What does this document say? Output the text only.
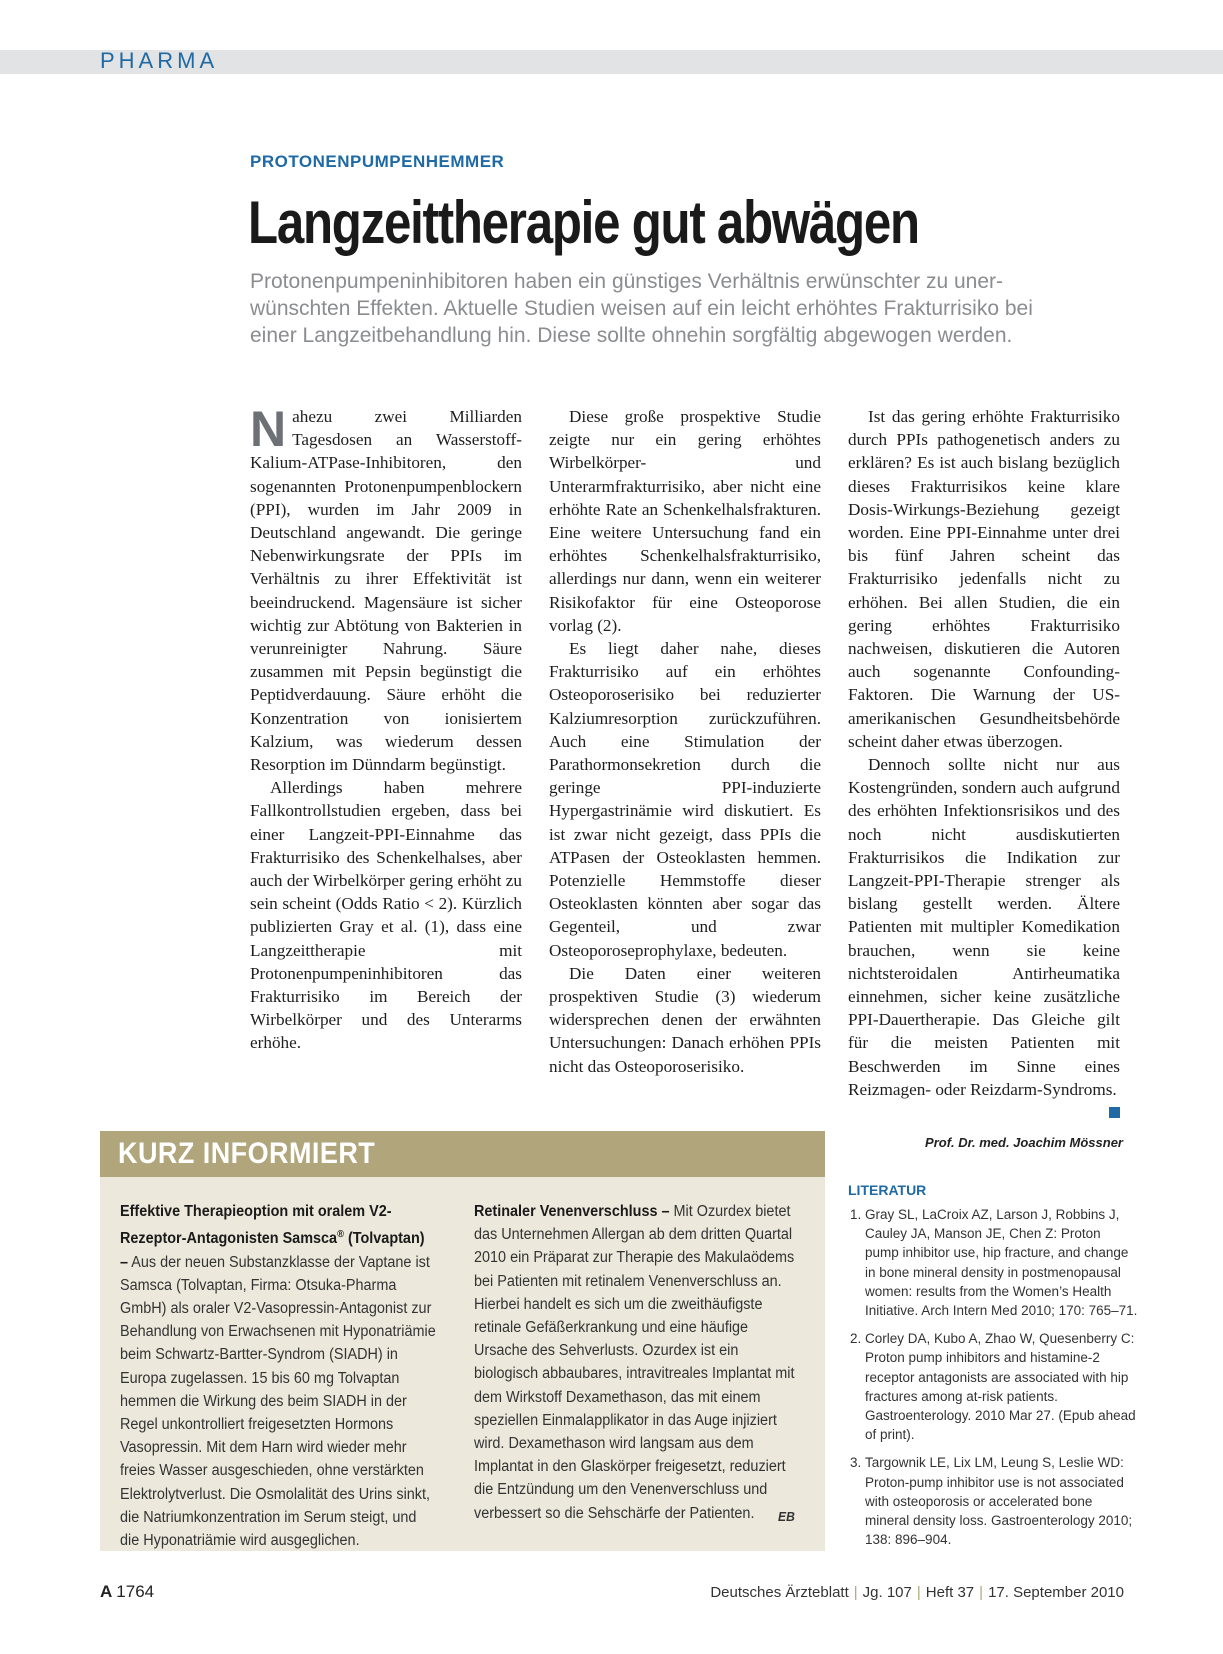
PHARMA
PROTONENPUMPENHEMMER
Langzeittherapie gut abwägen
Protonenpumpeninhibitoren haben ein günstiges Verhältnis erwünschter zu uner-
wünschten Effekten. Aktuelle Studien weisen auf ein leicht erhöhtes Frakturrisiko bei
einer Langzeitbehandlung hin. Diese sollte ohnehin sorgfältig abgewogen werden.

Nahezu zwei Milliarden Tagesdosen an Wasserstoff-Kalium-ATPase-Inhibitoren, den sogenannten Protonenpumpenblockern (PPI), wurden im Jahr 2009 in Deutschland angewandt. Die geringe Nebenwirkungsrate der PPIs im Verhältnis zu ihrer Effektivität ist beeindruckend. Magensäure ist sicher wichtig zur Abtötung von Bakterien in verunreinigter Nahrung. Säure zusammen mit Pepsin begünstigt die Peptidverdauung. Säure erhöht die Konzentration von ionisiertem Kalzium, was wiederum dessen Resorption im Dünndarm begünstigt.

Allerdings haben mehrere Fallkontrollstudien ergeben, dass bei einer Langzeit-PPI-Einnahme das Frakturrisiko des Schenkelhalses, aber auch der Wirbelkörper gering erhöht zu sein scheint (Odds Ratio < 2). Kürzlich publizierten Gray et al. (1), dass eine Langzeittherapie mit Protonenpumpeninhibitoren das Frakturrisiko im Bereich der Wirbelkörper und des Unterarms erhöhe.

Diese große prospektive Studie zeigte nur ein gering erhöhtes Wirbelkörper- und Unterarmfrakturrisiko, aber nicht eine erhöhte Rate an Schenkelhalsfrakturen. Eine weitere Untersuchung fand ein erhöhtes Schenkelhalsfrakturrisiko, allerdings nur dann, wenn ein weiterer Risikofaktor für eine Osteoporose vorlag (2).

Es liegt daher nahe, dieses Frakturrisiko auf ein erhöhtes Osteoporoserisiko bei reduzierter Kalziumresorption zurückzuführen. Auch eine Stimulation der Parathormonsekretion durch die geringe PPI-induzierte Hypergastrinämie wird diskutiert. Es ist zwar nicht gezeigt, dass PPIs die ATPasen der Osteoklasten hemmen. Potenzielle Hemmstoffe dieser Osteoklasten könnten aber sogar das Gegenteil, und zwar Osteoporoseprophylaxe, bedeuten.

Die Daten einer weiteren prospektiven Studie (3) wiederum widersprechen denen der erwähnten Untersuchungen: Danach erhöhen PPIs nicht das Osteoporoserisiko.

Ist das gering erhöhte Frakturrisiko durch PPIs pathogenetisch anders zu erklären? Es ist auch bislang bezüglich dieses Frakturrisikos keine klare Dosis-Wirkungs-Beziehung gezeigt worden. Eine PPI-Einnahme unter drei bis fünf Jahren scheint das Frakturrisiko jedenfalls nicht zu erhöhen. Bei allen Studien, die ein gering erhöhtes Frakturrisiko nachweisen, diskutieren die Autoren auch sogenannte Confounding-Faktoren. Die Warnung der US-amerikanischen Gesundheitsbehörde scheint daher etwas überzogen.

Dennoch sollte nicht nur aus Kostengründen, sondern auch aufgrund des erhöhten Infektionsrisikos und des noch nicht ausdiskutierten Frakturrisikos die Indikation zur Langzeit-PPI-Therapie strenger als bislang gestellt werden. Ältere Patienten mit multipler Komedikation brauchen, wenn sie keine nichtsteroidalen Antirheumatika einnehmen, sicher keine zusätzliche PPI-Dauertherapie. Das Gleiche gilt für die meisten Patienten mit Beschwerden im Sinne eines Reizmagen- oder Reizdarm-Syndroms.

Prof. Dr. med. Joachim Mössner
KURZ INFORMIERT

Effektive Therapieoption mit oralem V2-Rezeptor-Antagonisten Samsca® (Tolvaptan) – Aus der neuen Substanzklasse der Vaptane ist Samsca (Tolvaptan, Firma: Otsuka-Pharma GmbH) als oraler V2-Vasopressin-Antagonist zur Behandlung von Erwachsenen mit Hyponatriämie beim Schwartz-Bartter-Syndrom (SIADH) in Europa zugelassen. 15 bis 60 mg Tolvaptan hemmen die Wirkung des beim SIADH in der Regel unkontrolliert freigesetzten Hormons Vasopressin. Mit dem Harn wird wieder mehr freies Wasser ausgeschieden, ohne verstärkten Elektrolytverlust. Die Osmolalität des Urins sinkt, die Natriumkonzentration im Serum steigt, und die Hyponatriämie wird ausgeglichen.

Retinaler Venenverschluss – Mit Ozurdex bietet das Unternehmen Allergan ab dem dritten Quartal 2010 ein Präparat zur Therapie des Makulaödems bei Patienten mit retinalem Venenverschluss an. Hierbei handelt es sich um die zweithäufigste retinale Gefäßerkrankung und eine häufige Ursache des Sehverlusts. Ozurdex ist ein biologisch abbaubares, intravitreales Implantat mit dem Wirkstoff Dexamethason, das mit einem speziellen Einmalapplikator in das Auge injiziert wird. Dexamethason wird langsam aus dem Implantat in den Glaskörper freigesetzt, reduziert die Entzündung um den Venenverschluss und verbessert so die Sehschärfe der Patienten. EB

LITERATUR
1. Gray SL, LaCroix AZ, Larson J, Robbins J, Cauley JA, Manson JE, Chen Z: Proton pump inhibitor use, hip fracture, and change in bone mineral density in postmenopausal women: results from the Women’s Health Initiative. Arch Intern Med 2010; 170: 765–71.
2. Corley DA, Kubo A, Zhao W, Quesenberry C: Proton pump inhibitors and histamine-2 receptor antagonists are associated with hip fractures among at-risk patients. Gastroenterology. 2010 Mar 27. (Epub ahead of print).
3. Targownik LE, Lix LM, Leung S, Leslie WD: Proton-pump inhibitor use is not associated with osteoporosis or accelerated bone mineral density loss. Gastroenterology 2010; 138: 896–904.
A 1764	Deutsches Ärzteblatt | Jg. 107 | Heft 37 | 17. September 2010
